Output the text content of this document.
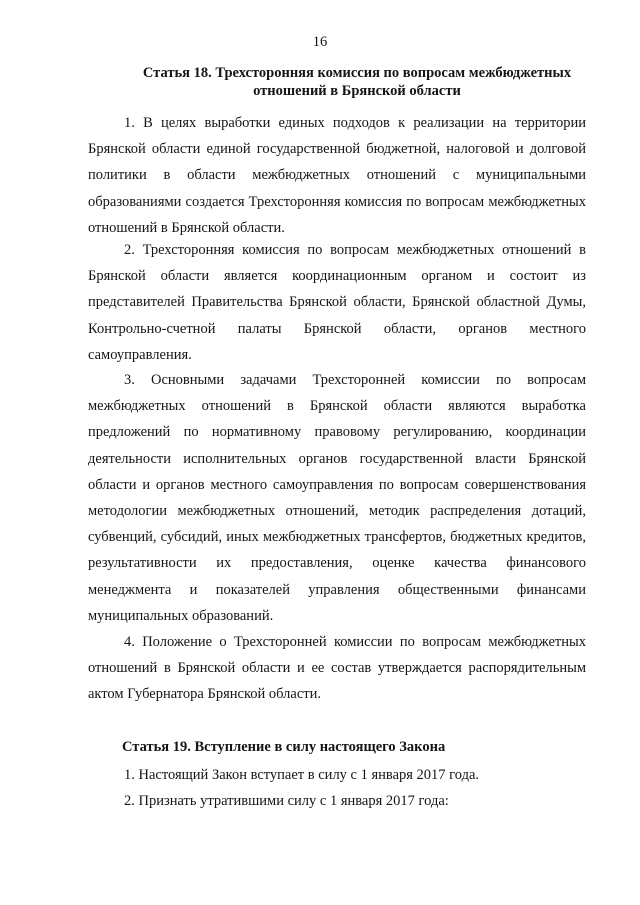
16
Статья 18. Трехсторонняя комиссия по вопросам межбюджетных
отношений в Брянской области

1. В целях выработки единых подходов к реализации на территории Брянской области единой государственной бюджетной, налоговой и долговой политики в области межбюджетных отношений с муниципальными образованиями создается Трехсторонняя комиссия по вопросам межбюджетных отношений в Брянской области.

2. Трехсторонняя комиссия по вопросам межбюджетных отношений в Брянской области является координационным органом и состоит из представителей Правительства Брянской области, Брянской областной Думы, Контрольно-счетной палаты Брянской области, органов местного самоуправления.

3. Основными задачами Трехсторонней комиссии по вопросам межбюджетных отношений в Брянской области являются выработка предложений по нормативному правовому регулированию, координации деятельности исполнительных органов государственной власти Брянской области и органов местного самоуправления по вопросам совершенствования методологии межбюджетных отношений, методик распределения дотаций, субвенций, субсидий, иных межбюджетных трансфертов, бюджетных кредитов, результативности их предоставления, оценке качества финансового менеджмента и показателей управления общественными финансами муниципальных образований.

4. Положение о Трехсторонней комиссии по вопросам межбюджетных отношений в Брянской области и ее состав утверждается распорядительным актом Губернатора Брянской области.

Статья 19. Вступление в силу настоящего Закона

1. Настоящий Закон вступает в силу с 1 января 2017 года.

2. Признать утратившими силу с 1 января 2017 года:
